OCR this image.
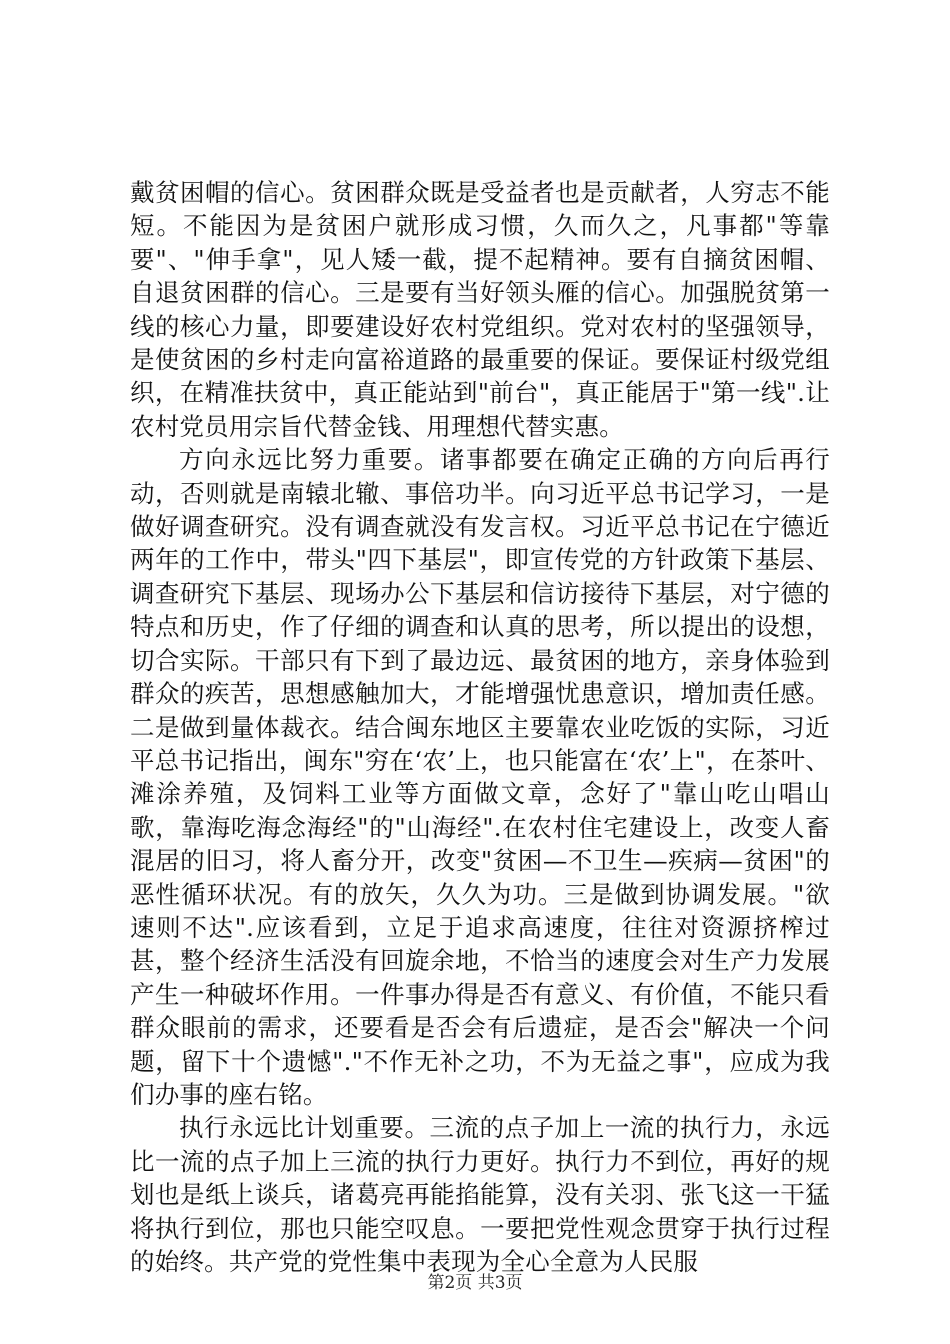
戴贫困帽的信心。贫困群众既是受益者也是贡献者，人穷志不能短。不能因为是贫困户就形成习惯，久而久之，凡事都"等靠要"、"伸手拿"，见人矮一截，提不起精神。要有自摘贫困帽、自退贫困群的信心。三是要有当好领头雁的信心。加强脱贫第一线的核心力量，即要建设好农村党组织。党对农村的坚强领导，是使贫困的乡村走向富裕道路的最重要的保证。要保证村级党组织，在精准扶贫中，真正能站到"前台"，真正能居于"第一线".让农村党员用宗旨代替金钱、用理想代替实惠。

方向永远比努力重要。诸事都要在确定正确的方向后再行动，否则就是南辕北辙、事倍功半。向习近平总书记学习，一是做好调查研究。没有调查就没有发言权。习近平总书记在宁德近两年的工作中，带头"四下基层"，即宣传党的方针政策下基层、调查研究下基层、现场办公下基层和信访接待下基层，对宁德的特点和历史，作了仔细的调查和认真的思考，所以提出的设想，切合实际。干部只有下到了最边远、最贫困的地方，亲身体验到群众的疾苦，思想感触加大，才能增强忧患意识，增加责任感。二是做到量体裁衣。结合闽东地区主要靠农业吃饭的实际，习近平总书记指出，闽东"穷在‘农’上，也只能富在‘农’上"，在茶叶、滩涂养殖，及饲料工业等方面做文章，念好了"靠山吃山唱山歌，靠海吃海念海经"的"山海经".在农村住宅建设上，改变人畜混居的旧习，将人畜分开，改变"贫困—不卫生—疾病—贫困"的恶性循环状况。有的放矢，久久为功。三是做到协调发展。"欲速则不达".应该看到，立足于追求高速度，往往对资源挤榨过甚，整个经济生活没有回旋余地，不恰当的速度会对生产力发展产生一种破坏作用。一件事办得是否有意义、有价值，不能只看群众眼前的需求，还要看是否会有后遗症，是否会"解决一个问题，留下十个遗憾"."不作无补之功，不为无益之事"，应成为我们办事的座右铭。

执行永远比计划重要。三流的点子加上一流的执行力，永远比一流的点子加上三流的执行力更好。执行力不到位，再好的规划也是纸上谈兵，诸葛亮再能掐能算，没有关羽、张飞这一干猛将执行到位，那也只能空叹息。一要把党性观念贯穿于执行过程的始终。共产党的党性集中表现为全心全意为人民服

第2页 共3页
